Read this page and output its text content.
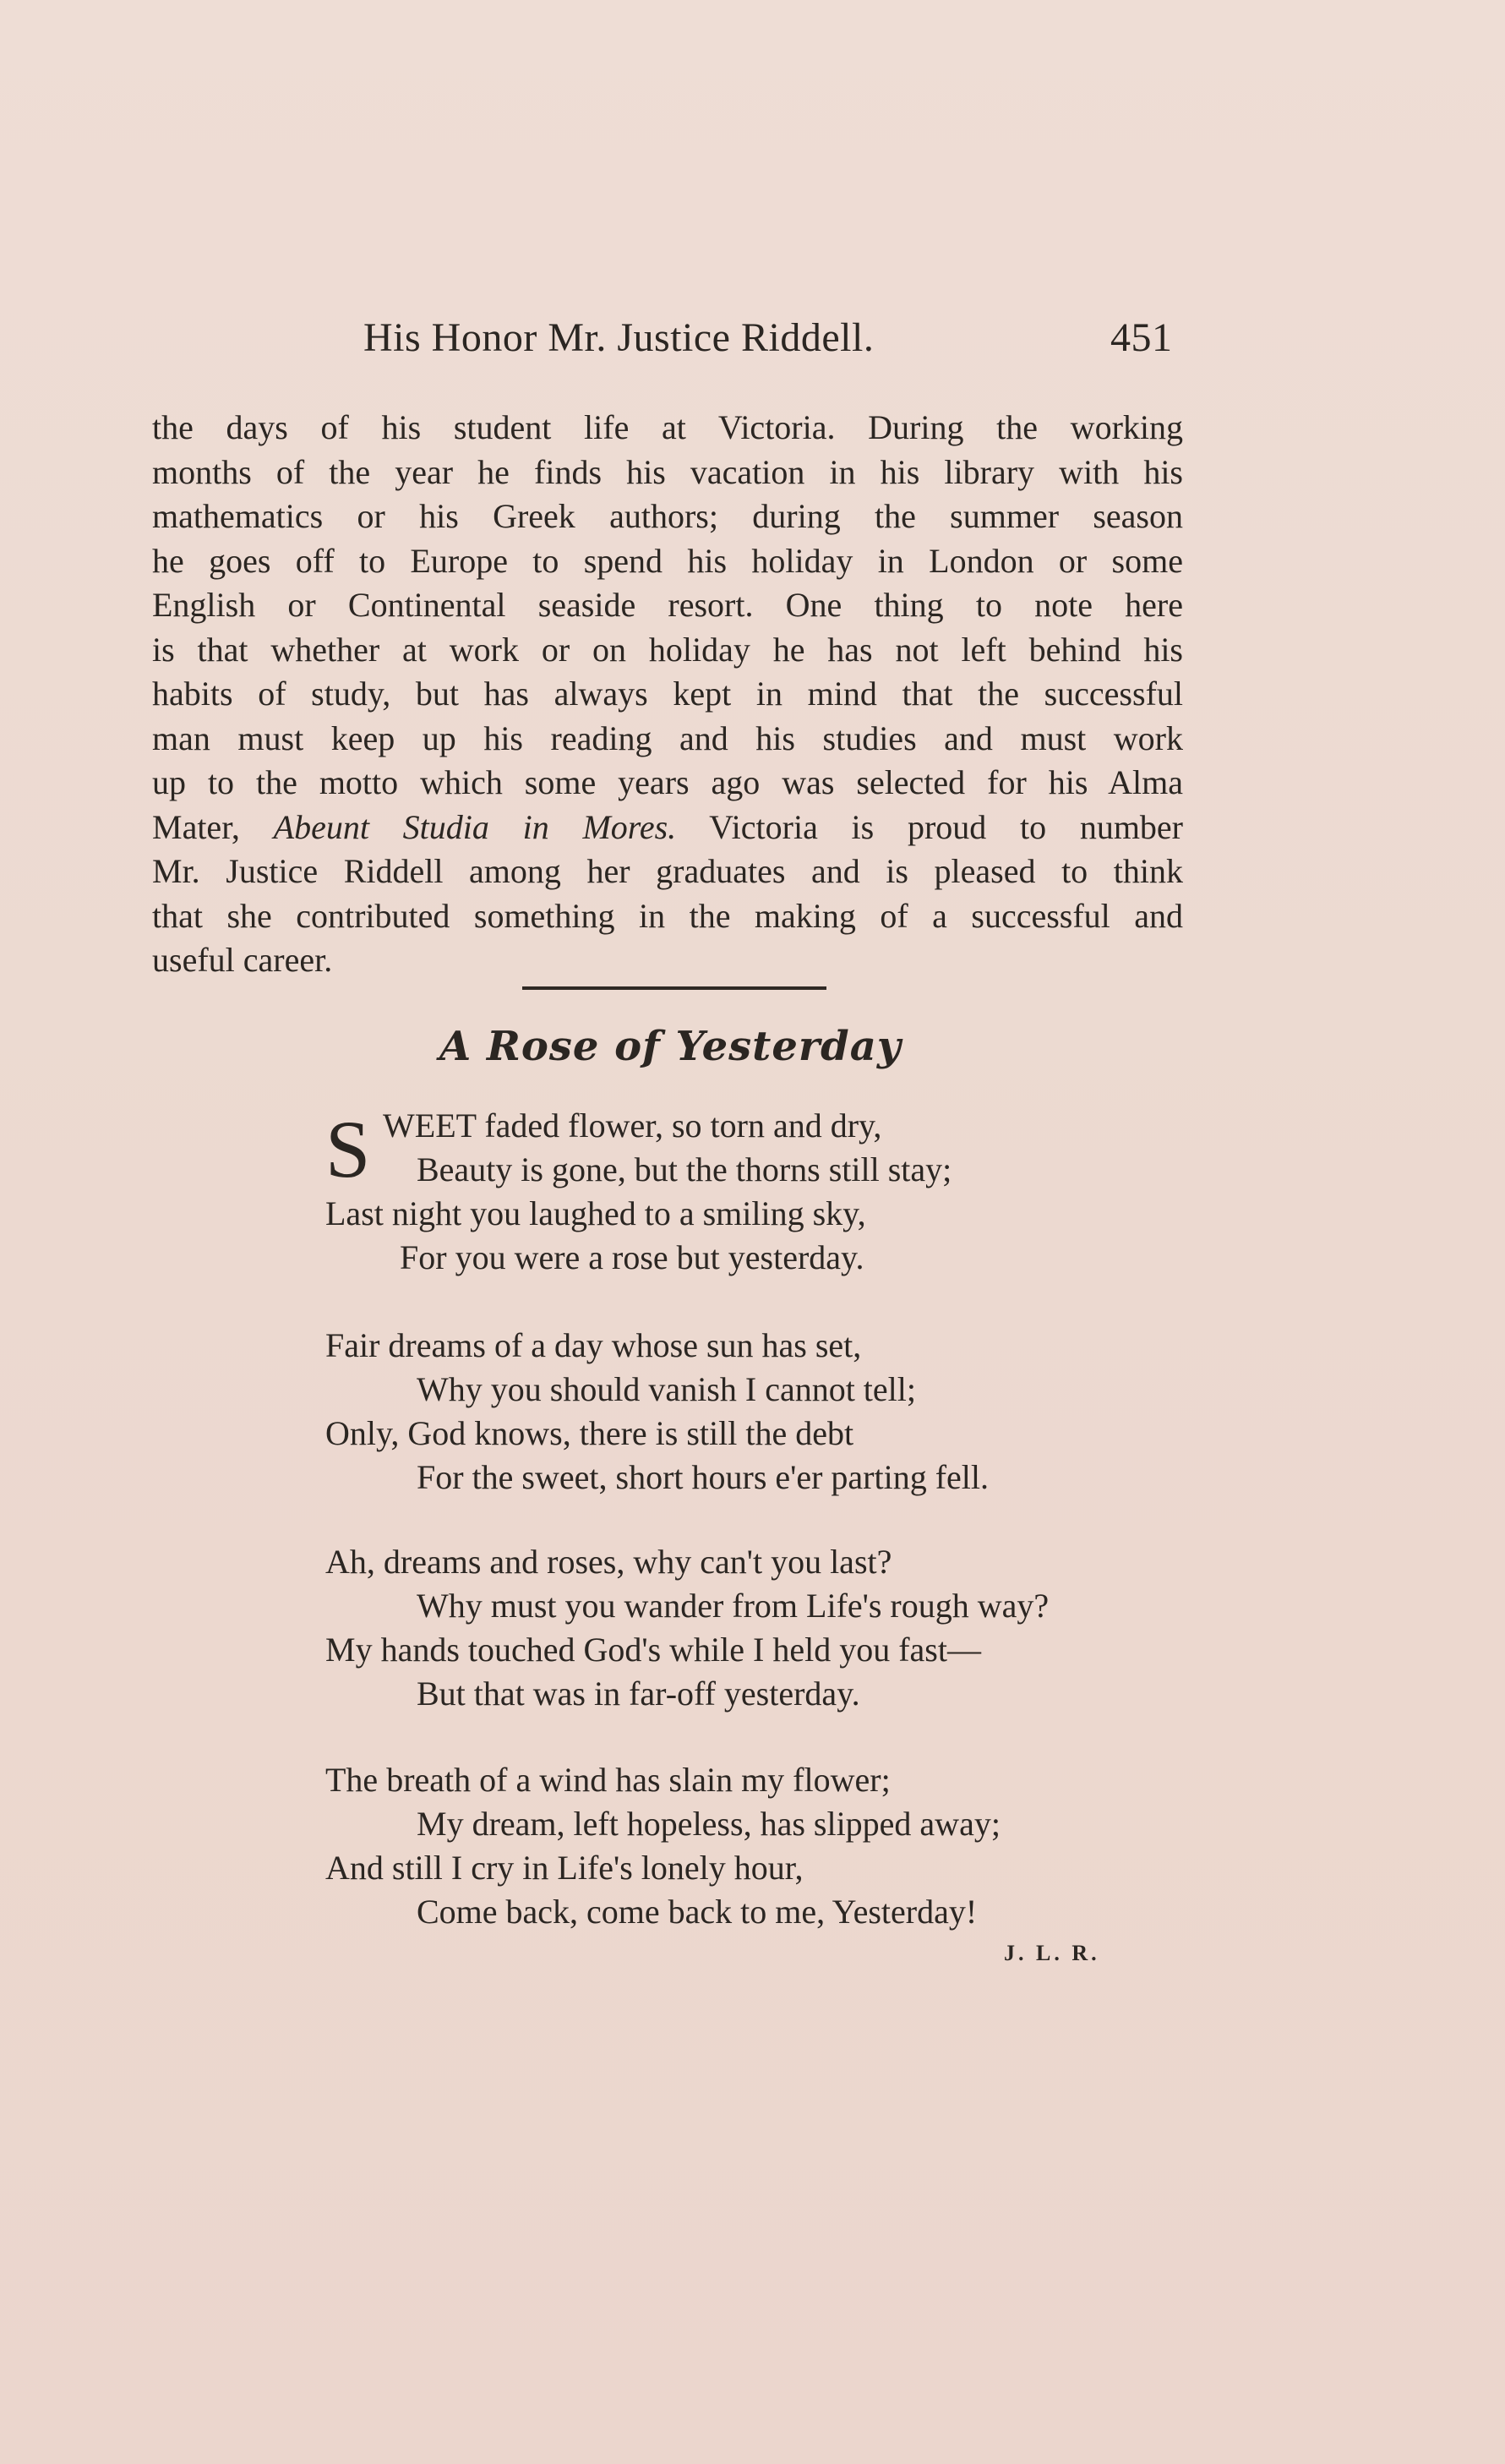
His Honor Mr. Justice Riddell.	451
the days of his student life at Victoria. During the working
months of the year he finds his vacation in his library with his
mathematics or his Greek authors; during the summer season
he goes off to Europe to spend his holiday in London or some
English or Continental seaside resort. One thing to note here
is that whether at work or on holiday he has not left behind his
habits of study, but has always kept in mind that the successful
man must keep up his reading and his studies and must work
up to the motto which some years ago was selected for his Alma
Mater, Abeunt Studia in Mores. Victoria is proud to number
Mr. Justice Riddell among her graduates and is pleased to think
that she contributed something in the making of a successful and
useful career.
A Rose of Yesterday
S WEET faded flower, so torn and dry,
Beauty is gone, but the thorns still stay;
Last night you laughed to a smiling sky,
For you were a rose but yesterday.
Fair dreams of a day whose sun has set,
Why you should vanish I cannot tell;
Only, God knows, there is still the debt
For the sweet, short hours e'er parting fell.
Ah, dreams and roses, why can't you last?
Why must you wander from Life's rough way?
My hands touched God's while I held you fast—
But that was in far-off yesterday.
The breath of a wind has slain my flower;
My dream, left hopeless, has slipped away;
And still I cry in Life's lonely hour,
Come back, come back to me, Yesterday!
J. L. R.
